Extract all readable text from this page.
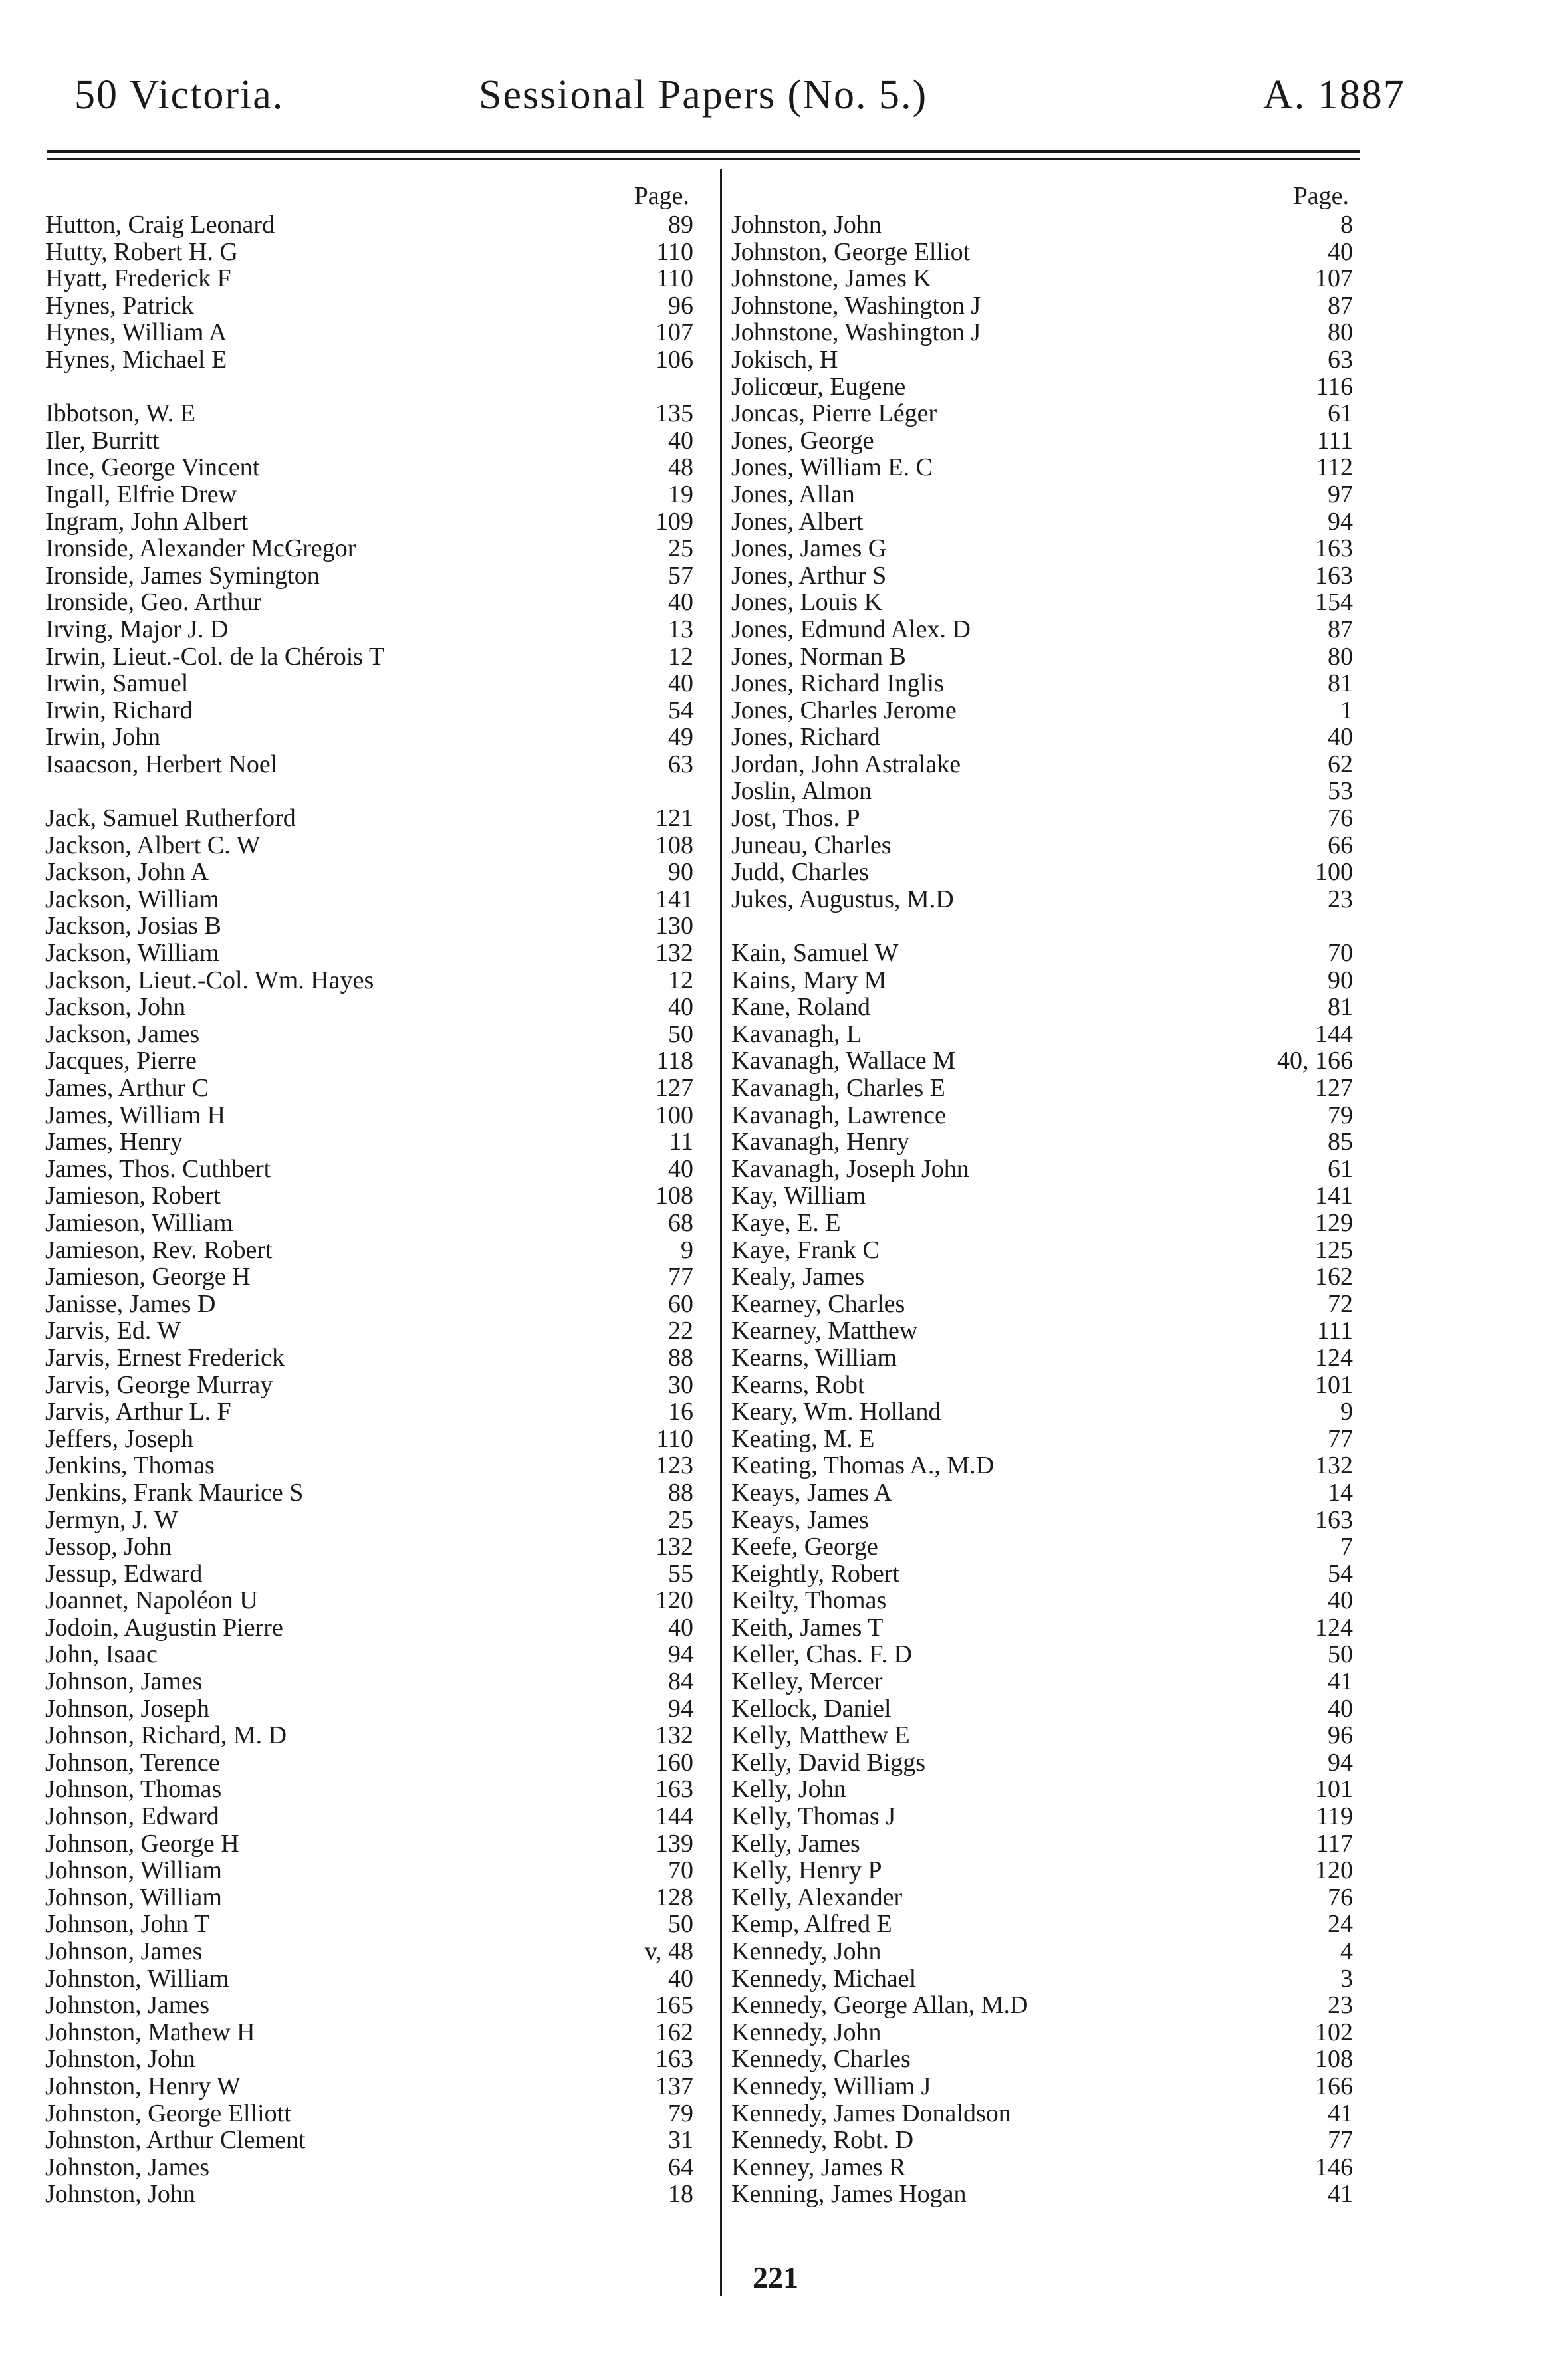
50 Victoria.	Sessional Papers (No. 5.)	A. 1887
Page.
Hutton, Craig Leonard	89
Hutty, Robert H. G	110
Hyatt, Frederick F	110
Hynes, Patrick	96
Hynes, William A	107
Hynes, Michael E	106
Ibbotson, W. E	135
Iler, Burritt	40
Ince, George Vincent	48
Ingall, Elfrie Drew	19
Ingram, John Albert	109
Ironside, Alexander McGregor	25
Ironside, James Symington	57
Ironside, Geo. Arthur	40
Irving, Major J. D	13
Irwin, Lieut.-Col. de la Chérois T	12
Irwin, Samuel	40
Irwin, Richard	54
Irwin, John	49
Isaacson, Herbert Noel	63
Jack, Samuel Rutherford	121
Jackson, Albert C. W	108
Jackson, John A	90
Jackson, William	141
Jackson, Josias B	130
Jackson, William	132
Jackson, Lieut.-Col. Wm. Hayes	12
Jackson, John	40
Jackson, James	50
Jacques, Pierre	118
James, Arthur C	127
James, William H	100
James, Henry	11
James, Thos. Cuthbert	40
Jamieson, Robert	108
Jamieson, William	68
Jamieson, Rev. Robert	9
Jamieson, George H	77
Janisse, James D	60
Jarvis, Ed. W	22
Jarvis, Ernest Frederick	88
Jarvis, George Murray	30
Jarvis, Arthur L. F	16
Jeffers, Joseph	110
Jenkins, Thomas	123
Jenkins, Frank Maurice S	88
Jermyn, J. W	25
Jessop, John	132
Jessup, Edward	55
Joannet, Napoléon U	120
Jodoin, Augustin Pierre	40
John, Isaac	94
Johnson, James	84
Johnson, Joseph	94
Johnson, Richard, M. D	132
Johnson, Terence	160
Johnson, Thomas	163
Johnson, Edward	144
Johnson, George H	139
Johnson, William	70
Johnson, William	128
Johnson, John T	50
Johnson, James	v, 48
Johnston, William	40
Johnston, James	165
Johnston, Mathew H	162
Johnston, John	163
Johnston, Henry W	137
Johnston, George Elliott	79
Johnston, Arthur Clement	31
Johnston, James	64
Johnston, John	18
Page.
Johnston, John	8
Johnston, George Elliot	40
Johnstone, James K	107
Johnstone, Washington J	87
Johnstone, Washington J	80
Jokisch, H	63
Jolicœur, Eugene	116
Joncas, Pierre Léger	61
Jones, George	111
Jones, William E. C	112
Jones, Allan	97
Jones, Albert	94
Jones, James G	163
Jones, Arthur S	163
Jones, Louis K	154
Jones, Edmund Alex. D	87
Jones, Norman B	80
Jones, Richard Inglis	81
Jones, Charles Jerome	1
Jones, Richard	40
Jordan, John Astralake	62
Joslin, Almon	53
Jost, Thos. P	76
Juneau, Charles	66
Judd, Charles	100
Jukes, Augustus, M.D	23
Kain, Samuel W	70
Kains, Mary M	90
Kane, Roland	81
Kavanagh, L	144
Kavanagh, Wallace M	40, 166
Kavanagh, Charles E	127
Kavanagh, Lawrence	79
Kavanagh, Henry	85
Kavanagh, Joseph John	61
Kay, William	141
Kaye, E. E	129
Kaye, Frank C	125
Kealy, James	162
Kearney, Charles	72
Kearney, Matthew	111
Kearns, William	124
Kearns, Robt	101
Keary, Wm. Holland	9
Keating, M. E	77
Keating, Thomas A., M.D	132
Keays, James A	14
Keays, James	163
Keefe, George	7
Keightly, Robert	54
Keilty, Thomas	40
Keith, James T	124
Keller, Chas. F. D	50
Kelley, Mercer	41
Kellock, Daniel	40
Kelly, Matthew E	96
Kelly, David Biggs	94
Kelly, John	101
Kelly, Thomas J	119
Kelly, James	117
Kelly, Henry P	120
Kelly, Alexander	76
Kemp, Alfred E	24
Kennedy, John	4
Kennedy, Michael	3
Kennedy, George Allan, M.D	23
Kennedy, John	102
Kennedy, Charles	108
Kennedy, William J	166
Kennedy, James Donaldson	41
Kennedy, Robt. D	77
Kenney, James R	146
Kenning, James Hogan	41
221
